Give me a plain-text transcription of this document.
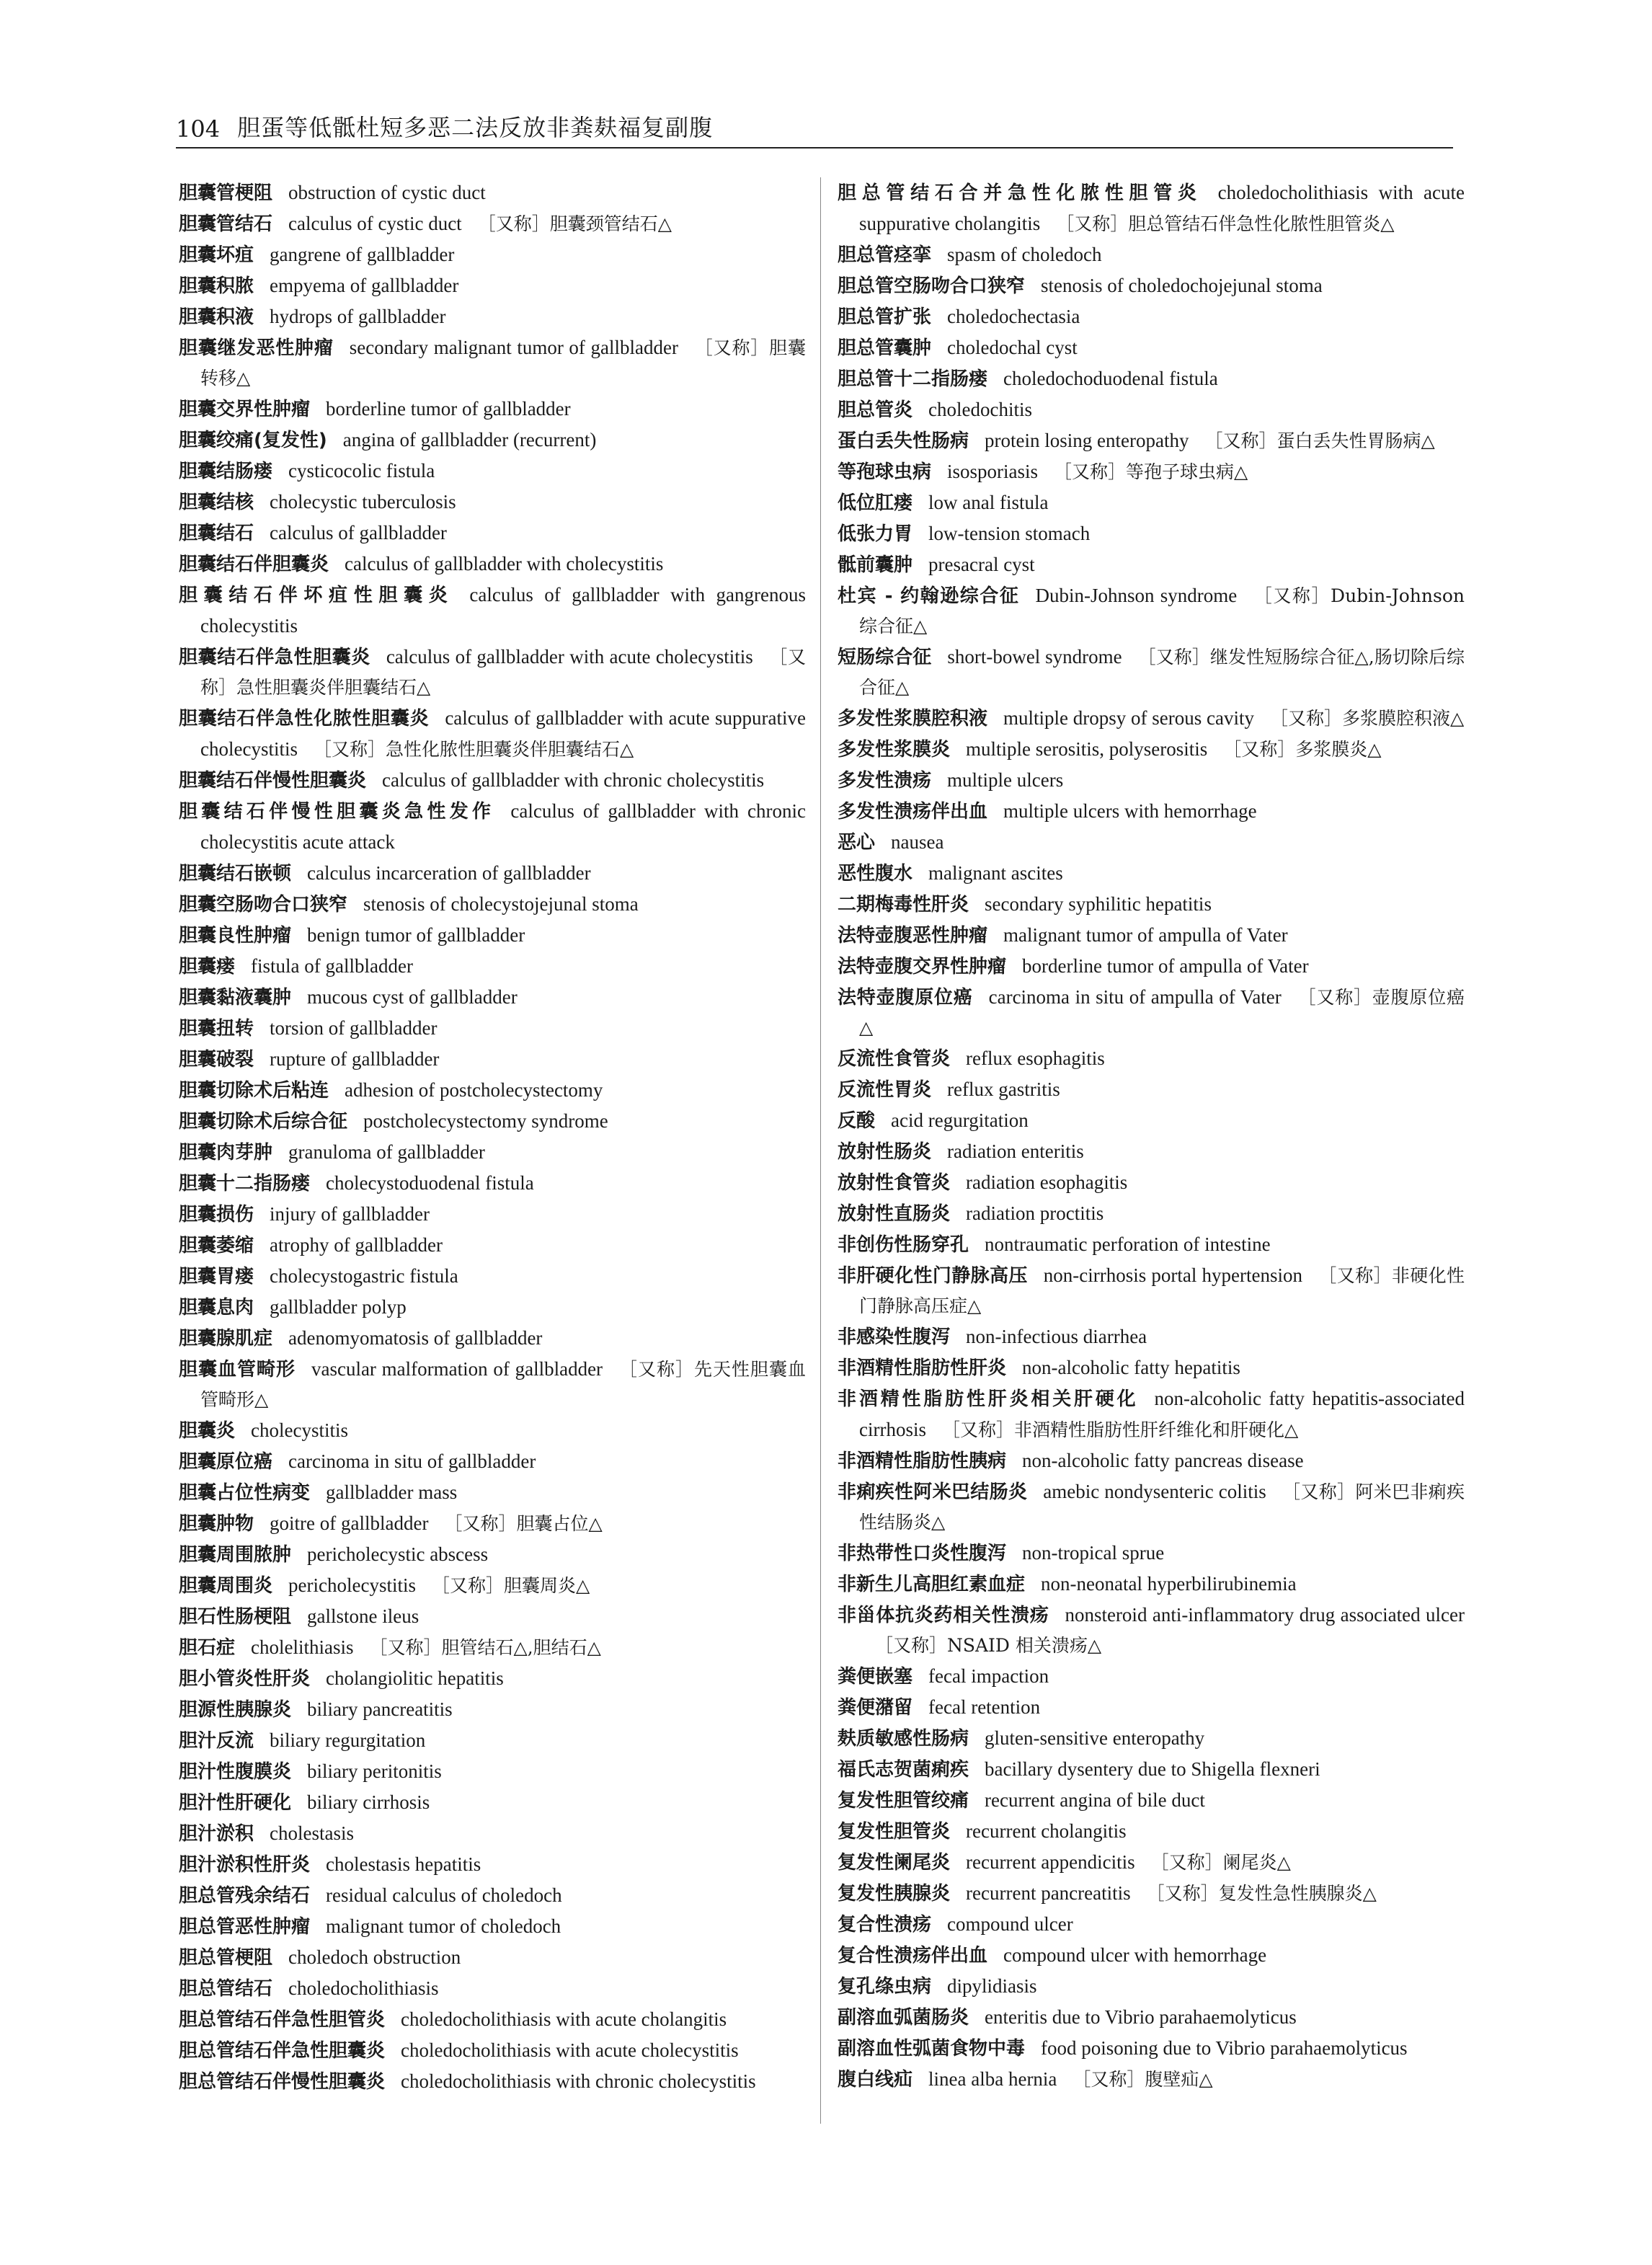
104 胆蛋等低骶杜短多恶二法反放非粪麸福复副腹
胆囊管梗阻 obstruction of cystic duct
胆囊管结石 calculus of cystic duct ［又称］胆囊颈管结石△
胆囊坏疽 gangrene of gallbladder
胆囊积脓 empyema of gallbladder
胆囊积液 hydrops of gallbladder
胆囊继发恶性肿瘤 secondary malignant tumor of gallbladder ［又称］胆囊转移△
胆囊交界性肿瘤 borderline tumor of gallbladder
胆囊绞痛(复发性) angina of gallbladder (recurrent)
胆囊结肠瘘 cysticocolic fistula
胆囊结核 cholecystic tuberculosis
胆囊结石 calculus of gallbladder
胆囊结石伴胆囊炎 calculus of gallbladder with cholecystitis
胆囊结石伴坏疽性胆囊炎 calculus of gallbladder with gangrenous cholecystitis
胆囊结石伴急性胆囊炎 calculus of gallbladder with acute cholecystitis ［又称］急性胆囊炎伴胆囊结石△
胆囊结石伴急性化脓性胆囊炎 calculus of gallbladder with acute suppurative cholecystitis ［又称］急性化脓性胆囊炎伴胆囊结石△
胆囊结石伴慢性胆囊炎 calculus of gallbladder with chronic cholecystitis
胆囊结石伴慢性胆囊炎急性发作 calculus of gallbladder with chronic cholecystitis acute attack
胆囊结石嵌顿 calculus incarceration of gallbladder
胆囊空肠吻合口狭窄 stenosis of cholecystojejunal stoma
胆囊良性肿瘤 benign tumor of gallbladder
胆囊瘘 fistula of gallbladder
胆囊黏液囊肿 mucous cyst of gallbladder
胆囊扭转 torsion of gallbladder
胆囊破裂 rupture of gallbladder
胆囊切除术后粘连 adhesion of postcholecystectomy
胆囊切除术后综合征 postcholecystectomy syndrome
胆囊肉芽肿 granuloma of gallbladder
胆囊十二指肠瘘 cholecystoduodenal fistula
胆囊损伤 injury of gallbladder
胆囊萎缩 atrophy of gallbladder
胆囊胃瘘 cholecystogastric fistula
胆囊息肉 gallbladder polyp
胆囊腺肌症 adenomyomatosis of gallbladder
胆囊血管畸形 vascular malformation of gallbladder ［又称］先天性胆囊血管畸形△
胆囊炎 cholecystitis
胆囊原位癌 carcinoma in situ of gallbladder
胆囊占位性病变 gallbladder mass
胆囊肿物 goitre of gallbladder ［又称］胆囊占位△
胆囊周围脓肿 pericholecystic abscess
胆囊周围炎 pericholecystitis ［又称］胆囊周炎△
胆石性肠梗阻 gallstone ileus
胆石症 cholelithiasis ［又称］胆管结石△,胆结石△
胆小管炎性肝炎 cholangiolitic hepatitis
胆源性胰腺炎 biliary pancreatitis
胆汁反流 biliary regurgitation
胆汁性腹膜炎 biliary peritonitis
胆汁性肝硬化 biliary cirrhosis
胆汁淤积 cholestasis
胆汁淤积性肝炎 cholestasis hepatitis
胆总管残余结石 residual calculus of choledoch
胆总管恶性肿瘤 malignant tumor of choledoch
胆总管梗阻 choledoch obstruction
胆总管结石 choledocholithiasis
胆总管结石伴急性胆管炎 choledocholithiasis with acute cholangitis
胆总管结石伴急性胆囊炎 choledocholithiasis with acute cholecystitis
胆总管结石伴慢性胆囊炎 choledocholithiasis with chronic cholecystitis
胆总管结石合并急性化脓性胆管炎 choledocholithiasis with acute suppurative cholangitis ［又称］胆总管结石伴急性化脓性胆管炎△
胆总管痉挛 spasm of choledoch
胆总管空肠吻合口狭窄 stenosis of choledochojejunal stoma
胆总管扩张 choledochectasia
胆总管囊肿 choledochal cyst
胆总管十二指肠瘘 choledochoduodenal fistula
胆总管炎 choledochitis
蛋白丢失性肠病 protein losing enteropathy ［又称］蛋白丢失性胃肠病△
等孢球虫病 isosporiasis ［又称］等孢子球虫病△
低位肛瘘 low anal fistula
低张力胃 low-tension stomach
骶前囊肿 presacral cyst
杜宾 - 约翰逊综合征 Dubin-Johnson syndrome ［又称］Dubin-Johnson 综合征△
短肠综合征 short-bowel syndrome ［又称］继发性短肠综合征△,肠切除后综合征△
多发性浆膜腔积液 multiple dropsy of serous cavity ［又称］多浆膜腔积液△
多发性浆膜炎 multiple serositis, polyserositis ［又称］多浆膜炎△
多发性溃疡 multiple ulcers
多发性溃疡伴出血 multiple ulcers with hemorrhage
恶心 nausea
恶性腹水 malignant ascites
二期梅毒性肝炎 secondary syphilitic hepatitis
法特壶腹恶性肿瘤 malignant tumor of ampulla of Vater
法特壶腹交界性肿瘤 borderline tumor of ampulla of Vater
法特壶腹原位癌 carcinoma in situ of ampulla of Vater ［又称］壶腹原位癌△
反流性食管炎 reflux esophagitis
反流性胃炎 reflux gastritis
反酸 acid regurgitation
放射性肠炎 radiation enteritis
放射性食管炎 radiation esophagitis
放射性直肠炎 radiation proctitis
非创伤性肠穿孔 nontraumatic perforation of intestine
非肝硬化性门静脉高压 non-cirrhosis portal hypertension ［又称］非硬化性门静脉高压症△
非感染性腹泻 non-infectious diarrhea
非酒精性脂肪性肝炎 non-alcoholic fatty hepatitis
非酒精性脂肪性肝炎相关肝硬化 non-alcoholic fatty hepatitis-associated cirrhosis ［又称］非酒精性脂肪性肝纤维化和肝硬化△
非酒精性脂肪性胰病 non-alcoholic fatty pancreas disease
非痢疾性阿米巴结肠炎 amebic nondysenteric colitis ［又称］阿米巴非痢疾性结肠炎△
非热带性口炎性腹泻 non-tropical sprue
非新生儿高胆红素血症 non-neonatal hyperbilirubinemia
非甾体抗炎药相关性溃疡 nonsteroid anti-inflammatory drug associated ulcer［又称］NSAID 相关溃疡△
粪便嵌塞 fecal impaction
粪便潴留 fecal retention
麸质敏感性肠病 gluten-sensitive enteropathy
福氏志贺菌痢疾 bacillary dysentery due to Shigella flexneri
复发性胆管绞痛 recurrent angina of bile duct
复发性胆管炎 recurrent cholangitis
复发性阑尾炎 recurrent appendicitis ［又称］阑尾炎△
复发性胰腺炎 recurrent pancreatitis ［又称］复发性急性胰腺炎△
复合性溃疡 compound ulcer
复合性溃疡伴出血 compound ulcer with hemorrhage
复孔绦虫病 dipylidiasis
副溶血弧菌肠炎 enteritis due to Vibrio parahaemolyticus
副溶血性弧菌食物中毒 food poisoning due to Vibrio parahaemolyticus
腹白线疝 linea alba hernia ［又称］腹壁疝△
